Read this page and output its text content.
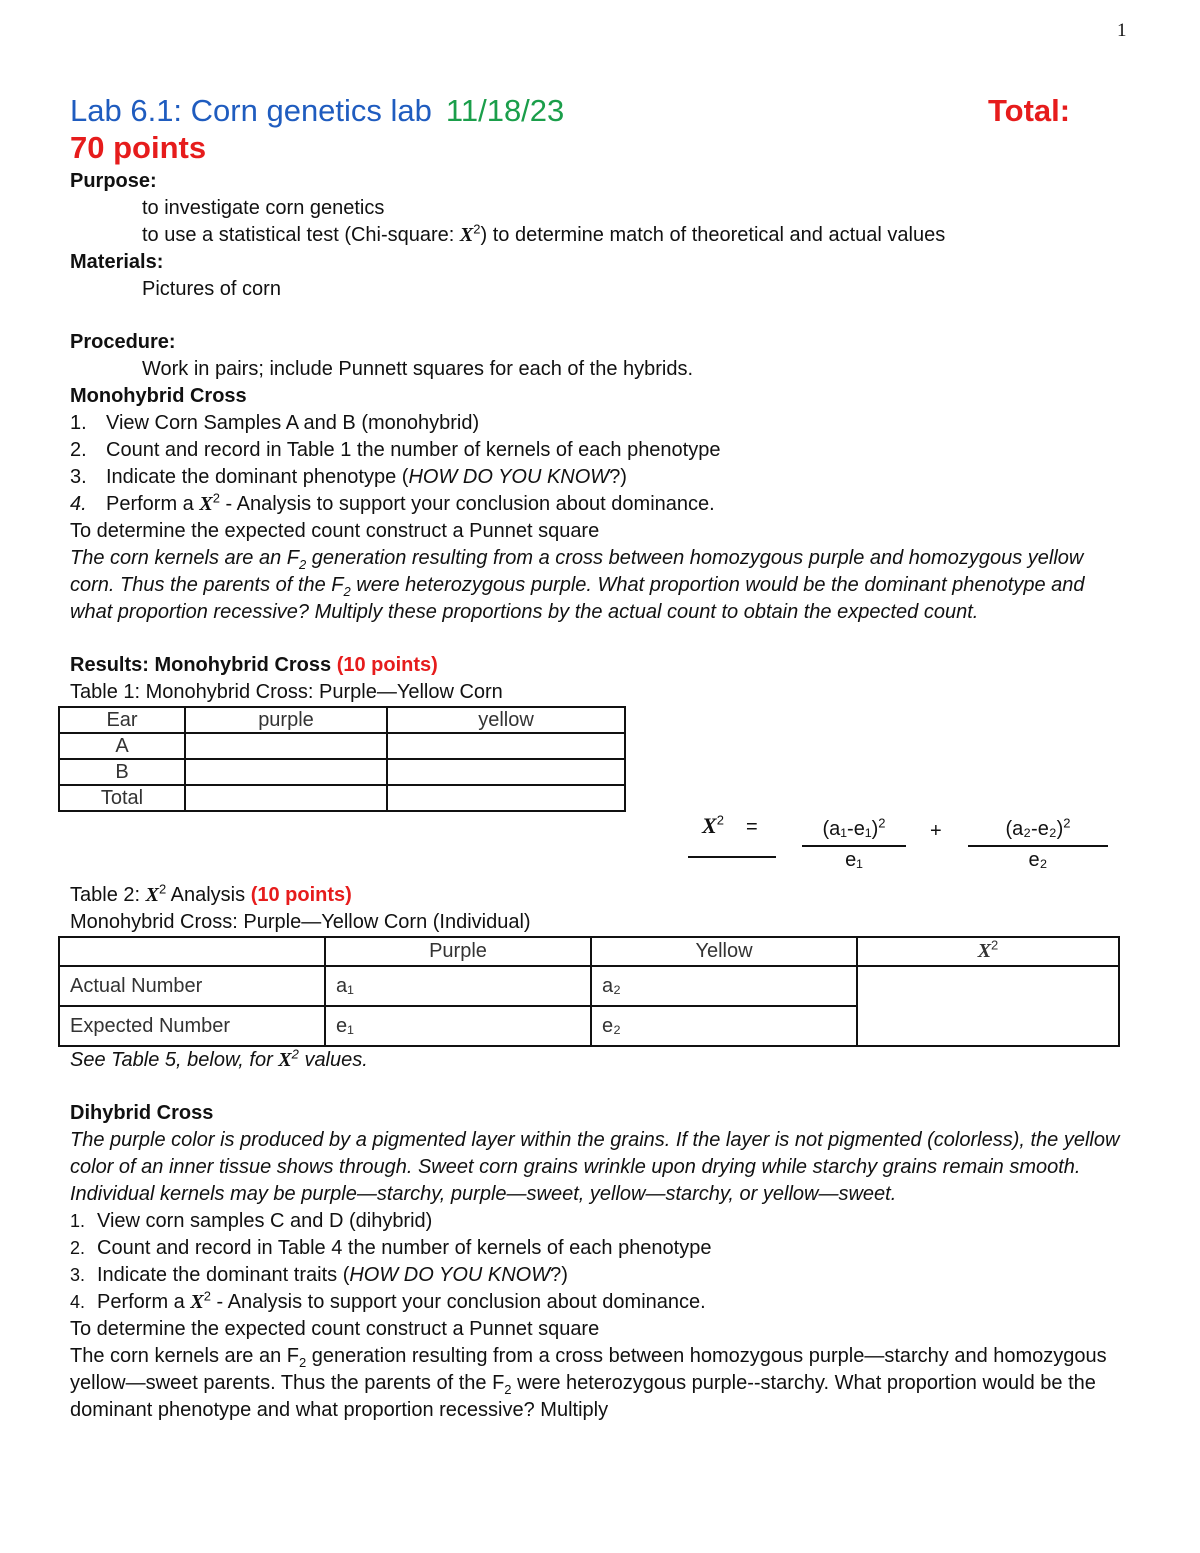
1
Lab 6.1: Corn genetics lab 11/18/23	Total:
70 points
Purpose:
to investigate corn genetics
to use a statistical test (Chi-square: $X^2$) to determine match of theoretical and actual values
Materials:
Pictures of corn
Procedure:
Work in pairs; include Punnett squares for each of the hybrids.
Monohybrid Cross
1. View Corn Samples A and B (monohybrid)
2. Count and record in Table 1 the number of kernels of each phenotype
3. Indicate the dominant phenotype (HOW DO YOU KNOW?)
4. Perform a $X^2$ - Analysis to support your conclusion about dominance.
To determine the expected count construct a Punnet square
The corn kernels are an $F_2$ generation resulting from a cross between homozygous purple and homozygous yellow corn. Thus the parents of the $F_2$ were heterozygous purple. What proportion would be the dominant phenotype and what proportion recessive? Multiply these proportions by the actual count to obtain the expected count.
Results: Monohybrid Cross (10 points)
Table 1: Monohybrid Cross: Purple—Yellow Corn
Ear	purple	yellow
A		
B		
Total		
$X^2 = \frac{(a_1-e_1)^2}{\text{e₁}} + \frac{(a_2-e_2)^2}{\text{e₂}}$
Table 2: $X^2$ Analysis (10 points)
Monohybrid Cross: Purple—Yellow Corn (Individual)
	Purple	Yellow	$X^2$
Actual Number	a₁	a₂	
Expected Number	e₁	e₂	
See Table 5, below, for $X^2$ values.
Dihybrid Cross
The purple color is produced by a pigmented layer within the grains. If the layer is not pigmented (colorless), the yellow color of an inner tissue shows through. Sweet corn grains wrinkle upon drying while starchy grains remain smooth. Individual kernels may be purple—starchy, purple—sweet, yellow—starchy, or yellow—sweet.
1. View corn samples C and D (dihybrid)
2. Count and record in Table 4 the number of kernels of each phenotype
3. Indicate the dominant traits (HOW DO YOU KNOW?)
4. Perform a $X^2$ - Analysis to support your conclusion about dominance.
To determine the expected count construct a Punnet square
The corn kernels are an $F_2$ generation resulting from a cross between homozygous purple—starchy and homozygous yellow—sweet parents. Thus the parents of the $F_2$ were heterozygous purple--starchy. What proportion would be the dominant phenotype and what proportion recessive? Multiply
